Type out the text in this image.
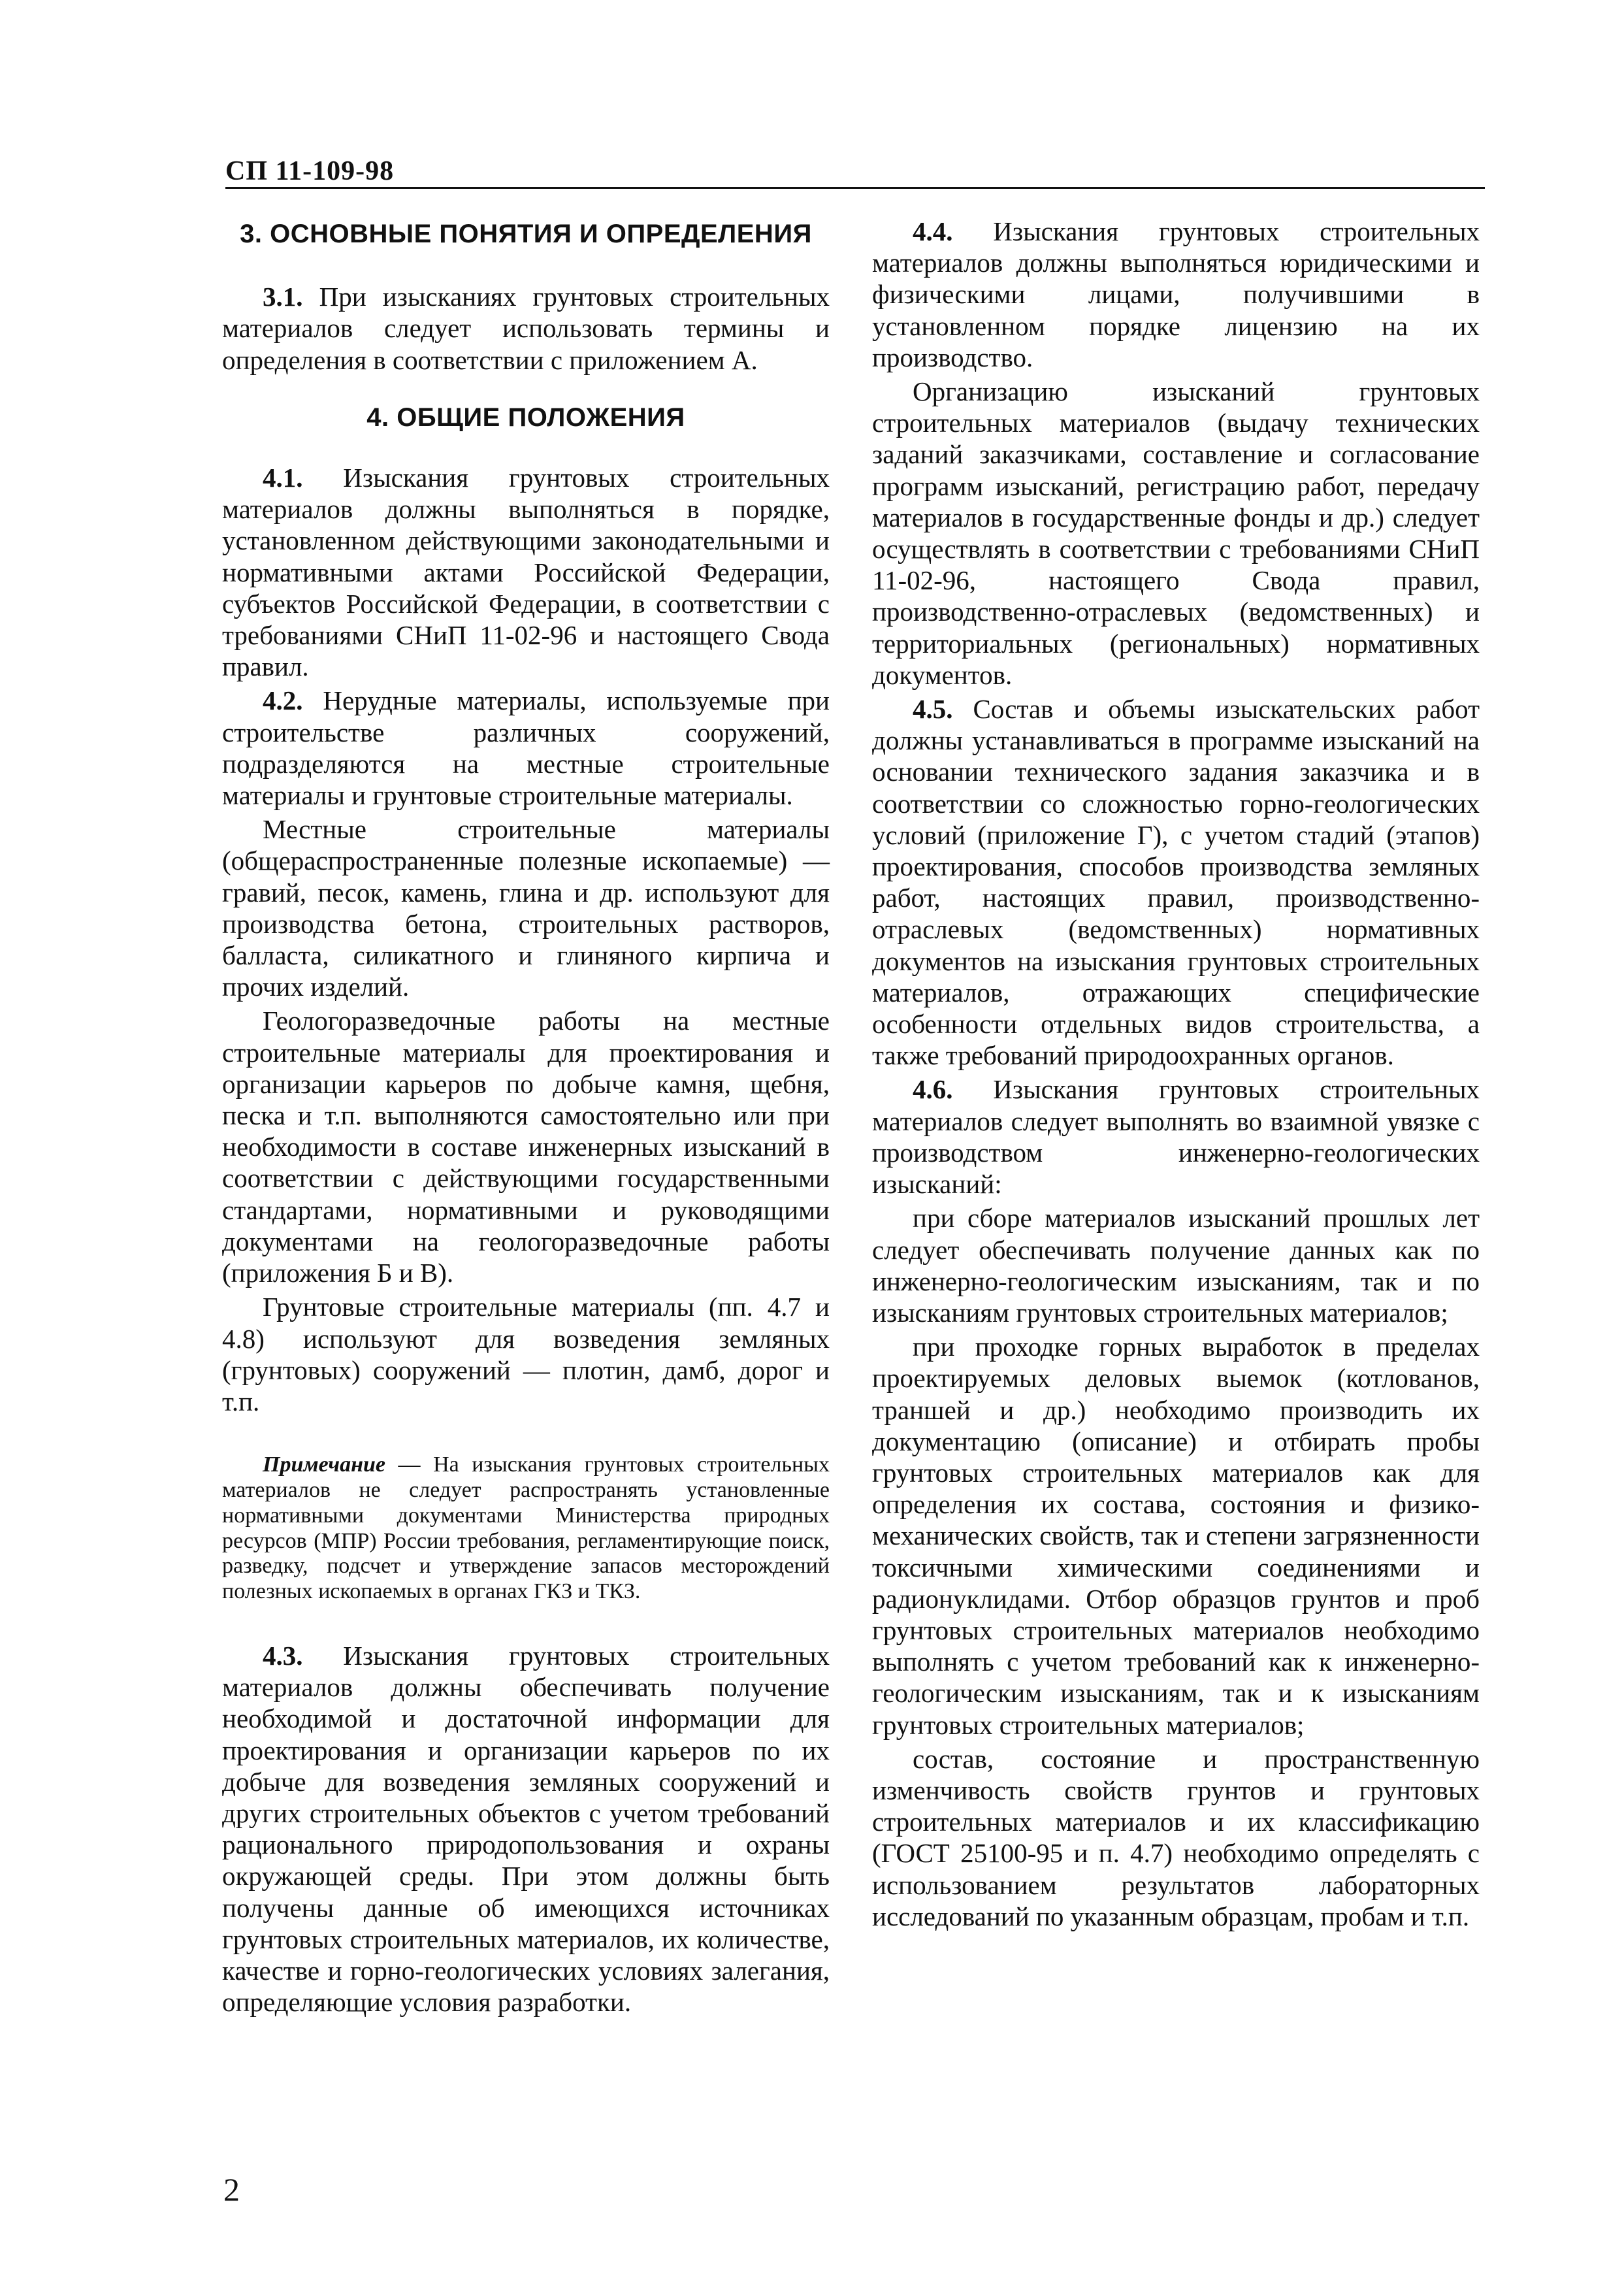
СП 11-109-98
3. ОСНОВНЫЕ ПОНЯТИЯ И ОПРЕДЕЛЕНИЯ

3.1. При изысканиях грунтовых строительных материалов следует использовать термины и определения в соответствии с приложением А.

4. ОБЩИЕ ПОЛОЖЕНИЯ

4.1. Изыскания грунтовых строительных материалов должны выполняться в порядке, установленном действующими законодательными и нормативными актами Российской Федерации, субъектов Российской Федерации, в соответствии с требованиями СНиП 11-02-96 и настоящего Свода правил.

4.2. Нерудные материалы, используемые при строительстве различных сооружений, подразделяются на местные строительные материалы и грунтовые строительные материалы.

Местные строительные материалы (общераспространенные полезные ископаемые) — гравий, песок, камень, глина и др. используют для производства бетона, строительных растворов, балласта, силикатного и глиняного кирпича и прочих изделий.

Геологоразведочные работы на местные строительные материалы для проектирования и организации карьеров по добыче камня, щебня, песка и т.п. выполняются самостоятельно или при необходимости в составе инженерных изысканий в соответствии с действующими государственными стандартами, нормативными и руководящими документами на геологоразведочные работы (приложения Б и В).

Грунтовые строительные материалы (пп. 4.7 и 4.8) используют для возведения земляных (грунтовых) сооружений — плотин, дамб, дорог и т.п.

Примечание — На изыскания грунтовых строительных материалов не следует распространять установленные нормативными документами Министерства природных ресурсов (МПР) России требования, регламентирующие поиск, разведку, подсчет и утверждение запасов месторождений полезных ископаемых в органах ГКЗ и ТКЗ.

4.3. Изыскания грунтовых строительных материалов должны обеспечивать получение необходимой и достаточной информации для проектирования и организации карьеров по их добыче для возведения земляных сооружений и других строительных объектов с учетом требований рационального природопользования и охраны окружающей среды. При этом должны быть получены данные об имеющихся источниках грунтовых строительных материалов, их количестве, качестве и горно-геологических условиях залегания, определяющие условия разработки.

4.4. Изыскания грунтовых строительных материалов должны выполняться юридическими и физическими лицами, получившими в установленном порядке лицензию на их производство.

Организацию изысканий грунтовых строительных материалов (выдачу технических заданий заказчиками, составление и согласование программ изысканий, регистрацию работ, передачу материалов в государственные фонды и др.) следует осуществлять в соответствии с требованиями СНиП 11-02-96, настоящего Свода правил, производственно-отраслевых (ведомственных) и территориальных (региональных) нормативных документов.

4.5. Состав и объемы изыскательских работ должны устанавливаться в программе изысканий на основании технического задания заказчика и в соответствии со сложностью горно-геологических условий (приложение Г), с учетом стадий (этапов) проектирования, способов производства земляных работ, настоящих правил, производственно-отраслевых (ведомственных) нормативных документов на изыскания грунтовых строительных материалов, отражающих специфические особенности отдельных видов строительства, а также требований природоохранных органов.

4.6. Изыскания грунтовых строительных материалов следует выполнять во взаимной увязке с производством инженерно-геологических изысканий:

при сборе материалов изысканий прошлых лет следует обеспечивать получение данных как по инженерно-геологическим изысканиям, так и по изысканиям грунтовых строительных материалов;

при проходке горных выработок в пределах проектируемых деловых выемок (котлованов, траншей и др.) необходимо производить их документацию (описание) и отбирать пробы грунтовых строительных материалов как для определения их состава, состояния и физико-механических свойств, так и степени загрязненности токсичными химическими соединениями и радионуклидами. Отбор образцов грунтов и проб грунтовых строительных материалов необходимо выполнять с учетом требований как к инженерно-геологическим изысканиям, так и к изысканиям грунтовых строительных материалов;

состав, состояние и пространственную изменчивость свойств грунтов и грунтовых строительных материалов и их классификацию (ГОСТ 25100-95 и п. 4.7) необходимо определять с использованием результатов лабораторных исследований по указанным образцам, пробам и т.п.

2
